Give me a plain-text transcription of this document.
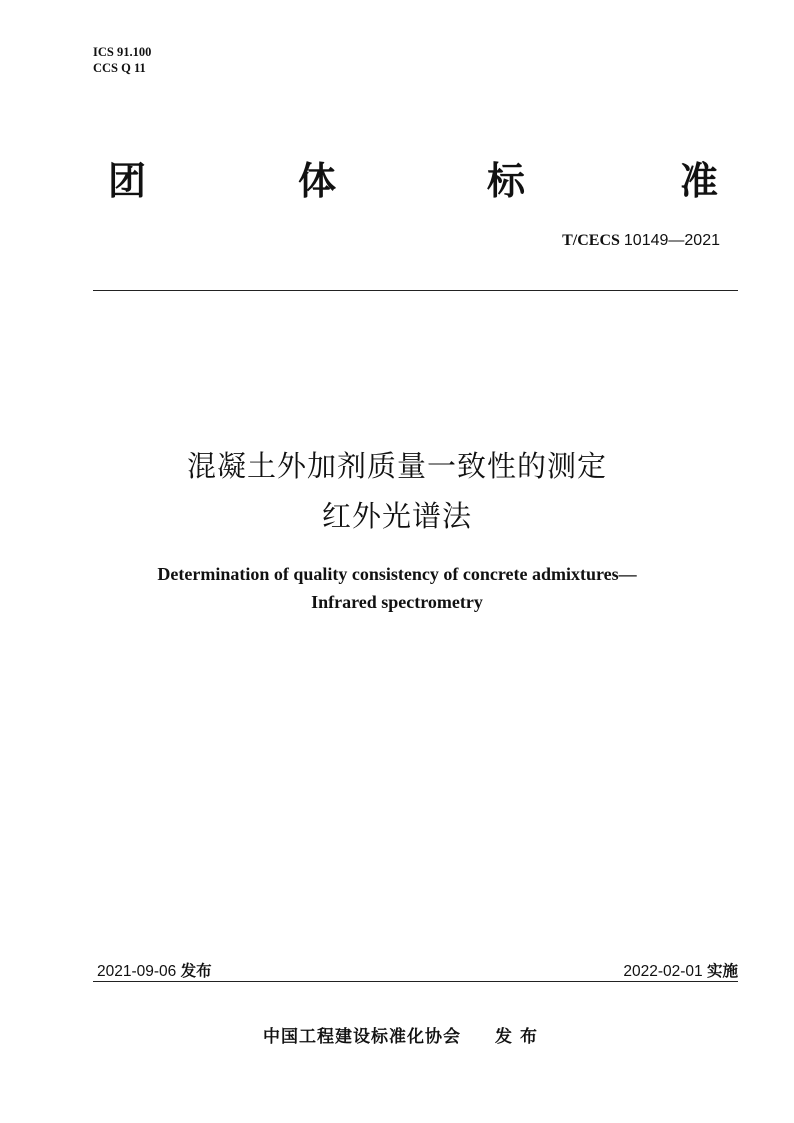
ICS 91.100
CCS Q 11
团	体	标	准
T/CECS 10149—2021
混凝土外加剂质量一致性的测定
红外光谱法
Determination of quality consistency of concrete admixtures—
Infrared spectrometry
2021-09-06 发布	2022-02-01 实施
中国工程建设标准化协会 发布
